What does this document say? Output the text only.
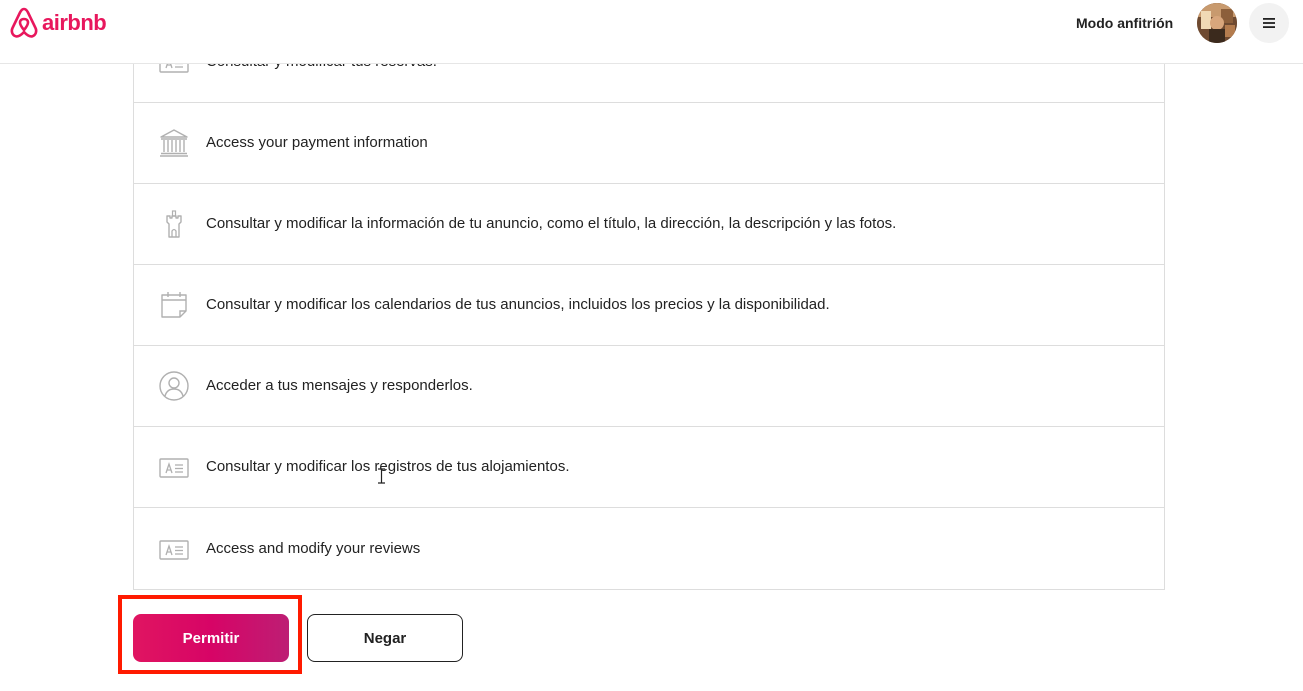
airbnb	Modo anfitrión
Access your payment information
Consultar y modificar la información de tu anuncio, como el título, la dirección, la descripción y las fotos.
Consultar y modificar los calendarios de tus anuncios, incluidos los precios y la disponibilidad.
Acceder a tus mensajes y responderlos.
Consultar y modificar los registros de tus alojamientos.
Access and modify your reviews
Permitir	Negar
